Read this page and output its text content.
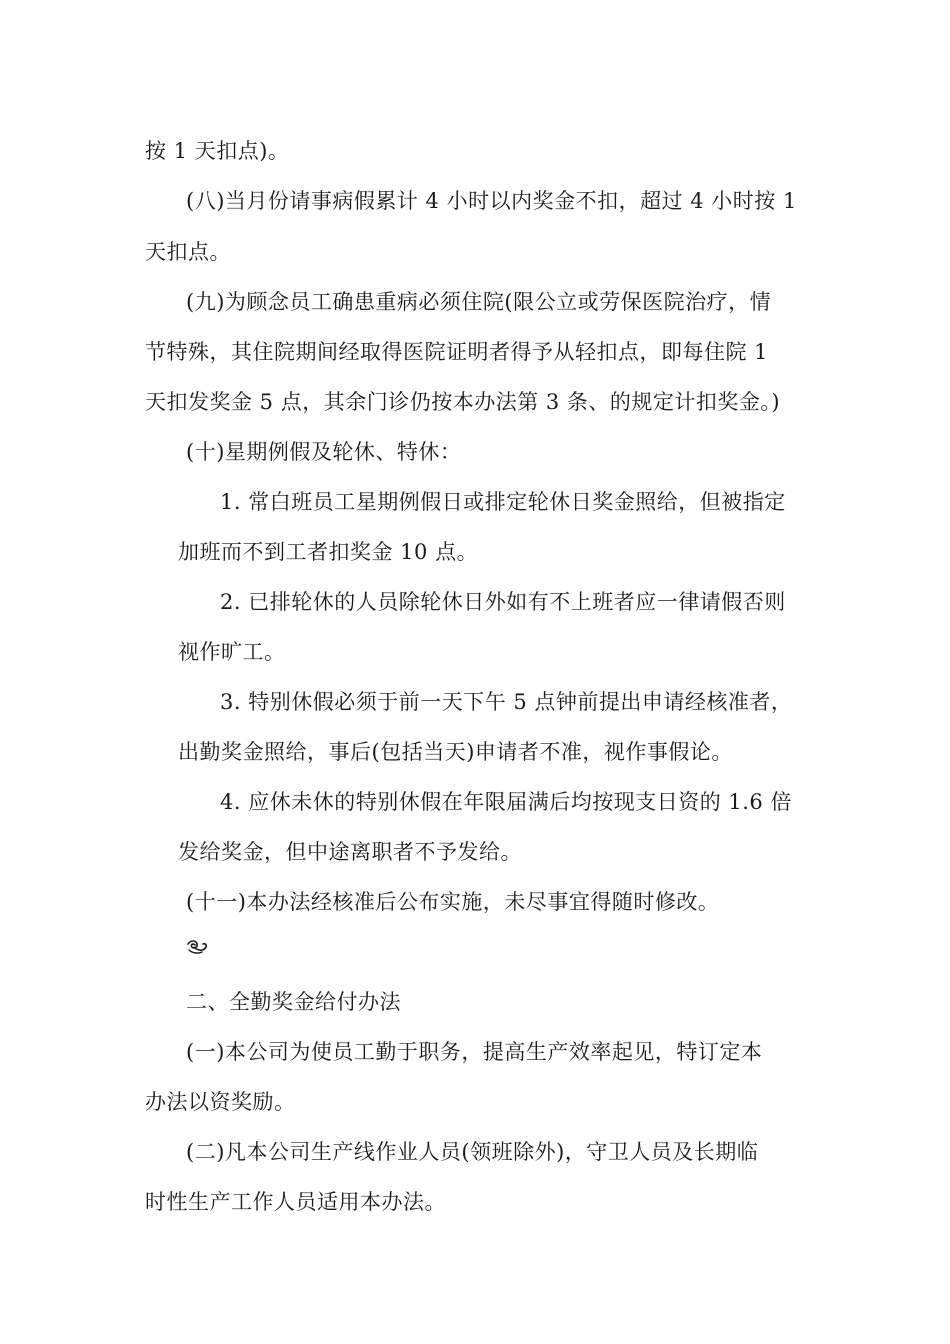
按 1 天扣点)。
(八)当月份请事病假累计 4 小时以内奖金不扣，超过 4 小时按 1
天扣点。
(九)为顾念员工确患重病必须住院(限公立或劳保医院治疗，情
节特殊，其住院期间经取得医院证明者得予从轻扣点，即每住院 1
天扣发奖金 5 点，其余门诊仍按本办法第 3 条、的规定计扣奖金。)
(十)星期例假及轮休、特休：
1. 常白班员工星期例假日或排定轮休日奖金照给，但被指定
加班而不到工者扣奖金 10 点。
2. 已排轮休的人员除轮休日外如有不上班者应一律请假否则
视作旷工。
3. 特别休假必须于前一天下午 5 点钟前提出申请经核准者，
出勤奖金照给，事后(包括当天)申请者不准，视作事假论。
4. 应休未休的特别休假在年限届满后均按现支日资的 1.6 倍
发给奖金，但中途离职者不予发给。
(十一)本办法经核准后公布实施，未尽事宜得随时修改。
二、全勤奖金给付办法
(一)本公司为使员工勤于职务，提高生产效率起见，特订定本
办法以资奖励。
(二)凡本公司生产线作业人员(领班除外)，守卫人员及长期临
时性生产工作人员适用本办法。
